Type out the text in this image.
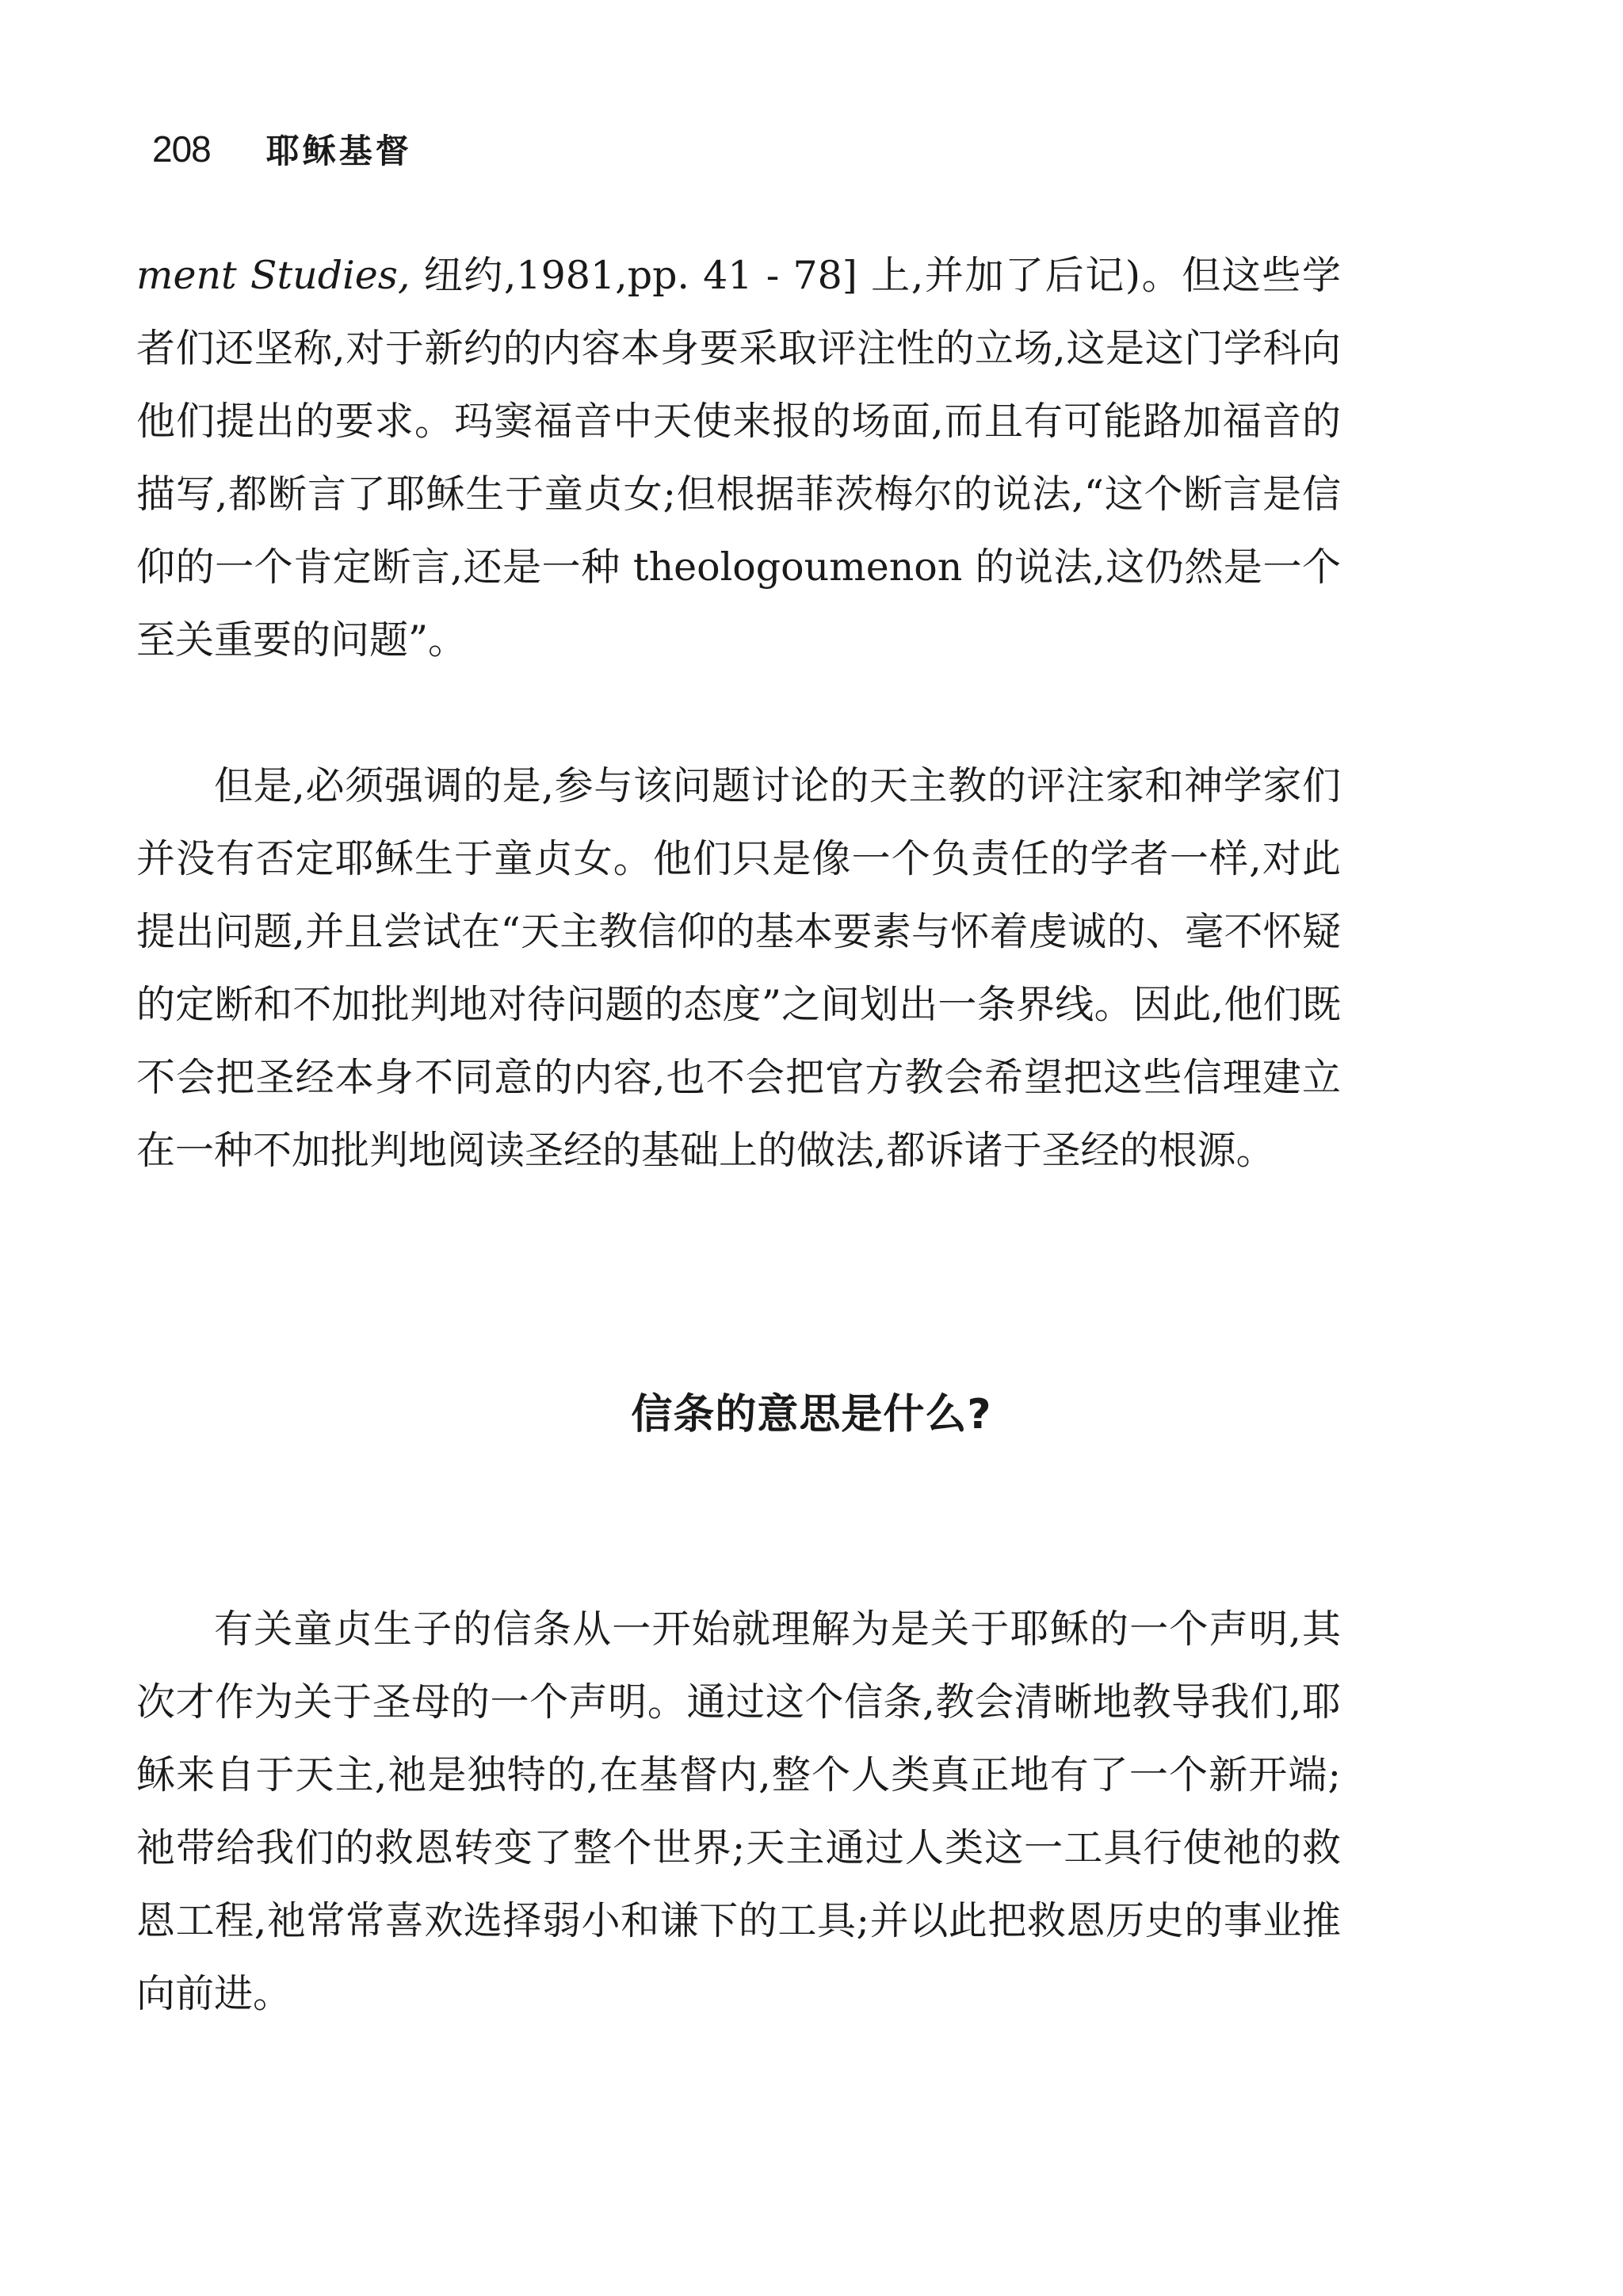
208 耶稣基督

ment Studies, 纽约,1981,pp. 41 - 78] 上,并加了后记)。但这些学者们还坚称,对于新约的内容本身要采取评注性的立场,这是这门学科向他们提出的要求。玛窦福音中天使来报的场面,而且有可能路加福音的描写,都断言了耶稣生于童贞女;但根据菲茨梅尔的说法,“这个断言是信仰的一个肯定断言,还是一种 theologoumenon 的说法,这仍然是一个至关重要的问题”。

但是,必须强调的是,参与该问题讨论的天主教的评注家和神学家们并没有否定耶稣生于童贞女。他们只是像一个负责任的学者一样,对此提出问题,并且尝试在“天主教信仰的基本要素与怀着虔诚的、毫不怀疑的定断和不加批判地对待问题的态度”之间划出一条界线。因此,他们既不会把圣经本身不同意的内容,也不会把官方教会希望把这些信理建立在一种不加批判地阅读圣经的基础上的做法,都诉诸于圣经的根源。

信条的意思是什么?

有关童贞生子的信条从一开始就理解为是关于耶稣的一个声明,其次才作为关于圣母的一个声明。通过这个信条,教会清晰地教导我们,耶稣来自于天主,祂是独特的,在基督内,整个人类真正地有了一个新开端;祂带给我们的救恩转变了整个世界;天主通过人类这一工具行使祂的救恩工程,祂常常喜欢选择弱小和谦下的工具;并以此把救恩历史的事业推向前进。
